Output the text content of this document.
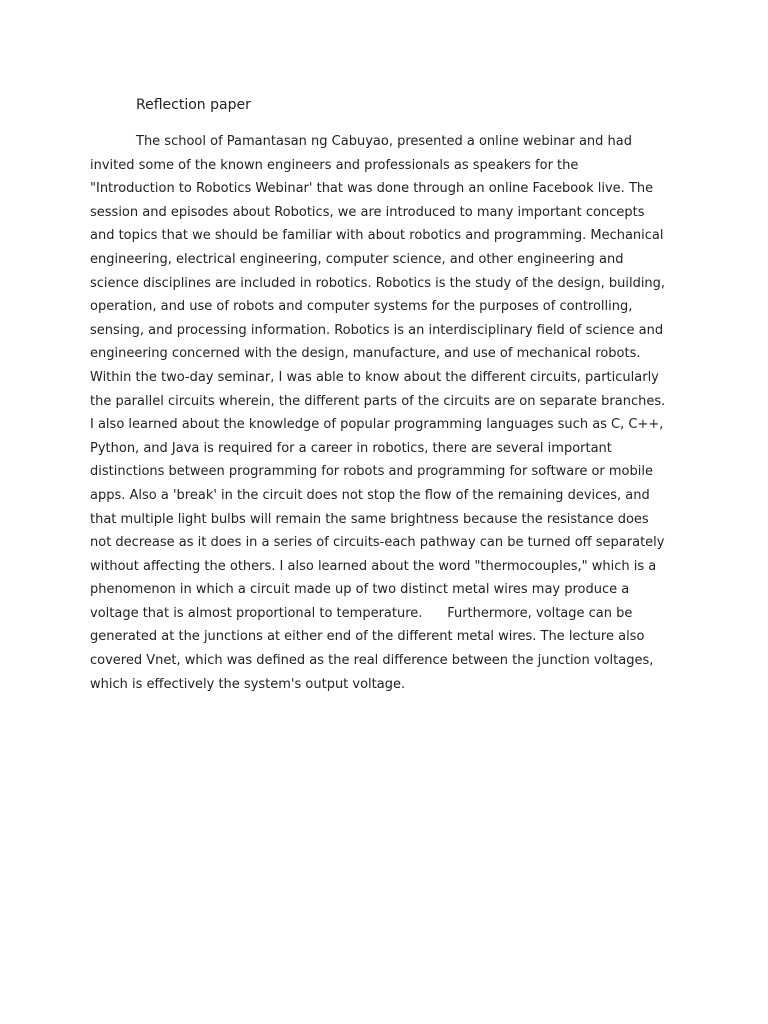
Reflection paper

The school of Pamantasan ng Cabuyao, presented a online webinar and had
invited some of the known engineers and professionals as speakers for the
"Introduction to Robotics Webinar' that was done through an online Facebook live. The
session and episodes about Robotics, we are introduced to many important concepts
and topics that we should be familiar with about robotics and programming. Mechanical
engineering, electrical engineering, computer science, and other engineering and
science disciplines are included in robotics. Robotics is the study of the design, building,
operation, and use of robots and computer systems for the purposes of controlling,
sensing, and processing information. Robotics is an interdisciplinary field of science and
engineering concerned with the design, manufacture, and use of mechanical robots.
Within the two-day seminar, I was able to know about the different circuits, particularly
the parallel circuits wherein, the different parts of the circuits are on separate branches.
I also learned about the knowledge of popular programming languages such as C, C++,
Python, and Java is required for a career in robotics, there are several important
distinctions between programming for robots and programming for software or mobile
apps. Also a 'break' in the circuit does not stop the flow of the remaining devices, and
that multiple light bulbs will remain the same brightness because the resistance does
not decrease as it does in a series of circuits-each pathway can be turned off separately
without affecting the others. I also learned about the word "thermocouples," which is a
phenomenon in which a circuit made up of two distinct metal wires may produce a
voltage that is almost proportional to temperature.      Furthermore, voltage can be
generated at the junctions at either end of the different metal wires. The lecture also
covered Vnet, which was defined as the real difference between the junction voltages,
which is effectively the system's output voltage.
